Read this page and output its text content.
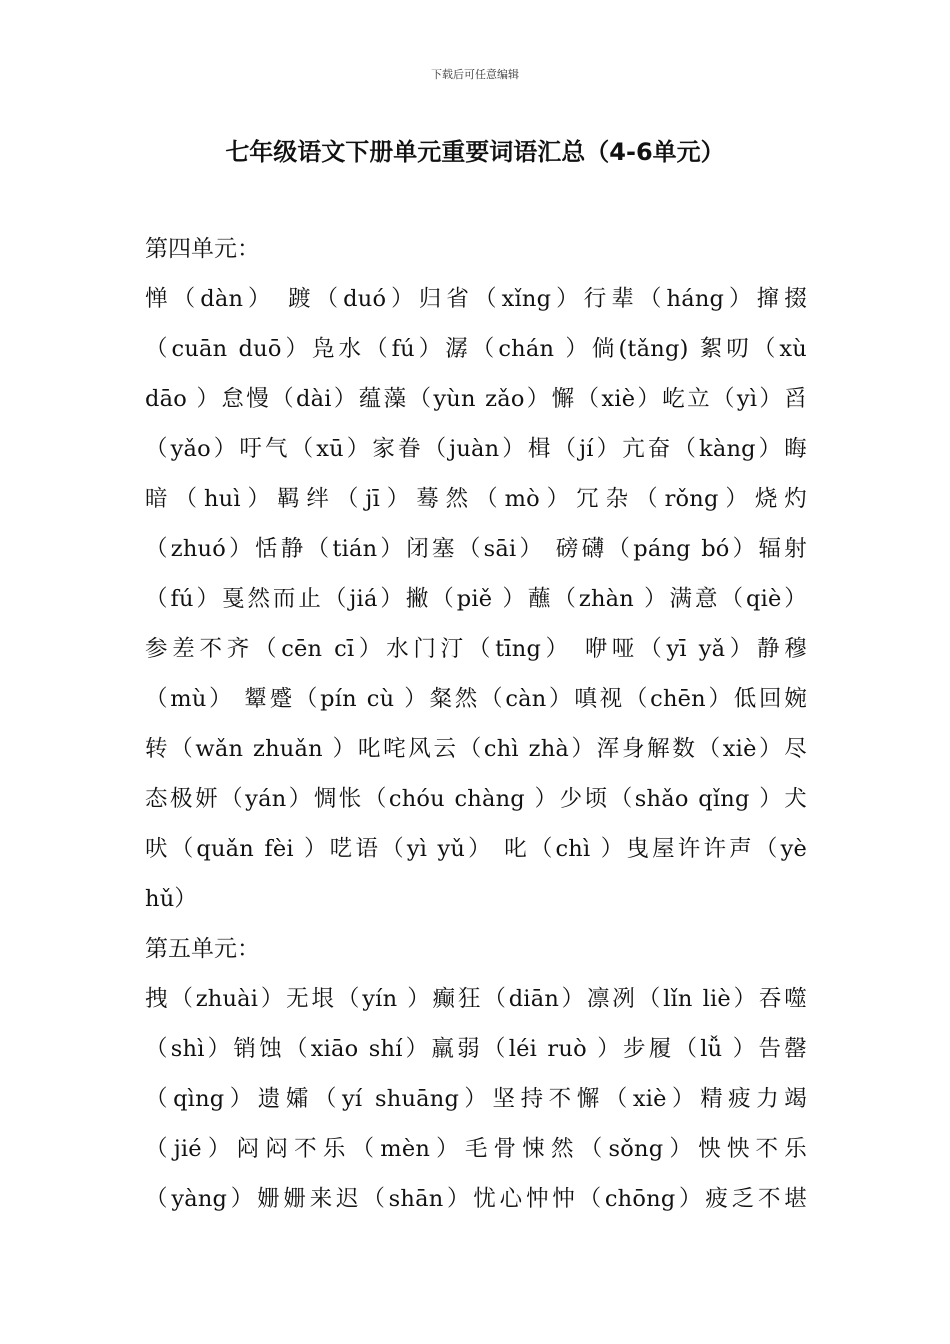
下载后可任意编辑
七年级语文下册单元重要词语汇总（4-6单元）
第四单元：
惮（dàn） 踱（duó）归省（xǐng）行辈（háng）撺掇
（cuān duō）凫水（fú）潺（chán ）倘(tǎng) 絮叨（xù
dāo ）怠慢（dài）蕴藻（yùn zǎo）懈（xiè）屹立（yì）舀
（yǎo）吁气（xū）家眷（juàn）楫（jí）亢奋（kàng）晦
暗（huì）羁绊（jī）蓦然（mò）冗杂（rǒng）烧灼
（zhuó）恬静（tián）闭塞（sāi） 磅礴（páng bó）辐射
（fú）戛然而止（jiá）撇（piě ）蘸（zhàn ）满意（qiè）
参差不齐（cēn cī）水门汀（tīng） 咿哑（yī yǎ）静穆
（mù） 颦蹙（pín cù ）粲然（càn）嗔视（chēn）低回婉
转（wǎn zhuǎn ）叱咤风云（chì zhà）浑身解数（xiè）尽
态极妍（yán）惆怅（chóu chàng ）少顷（shǎo qǐng ）犬
吠（quǎn fèi ）呓语（yì yǔ） 叱（chì ）曳屋许许声（yè
hǔ）
第五单元：
拽（zhuài）无垠（yín ）癫狂（diān）凛冽（lǐn liè）吞噬
（shì）销蚀（xiāo shí）羸弱（léi ruò ）步履（lǚ ）告罄
（qìng）遗孀（yí shuāng）坚持不懈（xiè）精疲力竭
（jié）闷闷不乐（mèn）毛骨悚然（sǒng）怏怏不乐
（yàng）姗姗来迟（shān）忧心忡忡（chōng）疲乏不堪
